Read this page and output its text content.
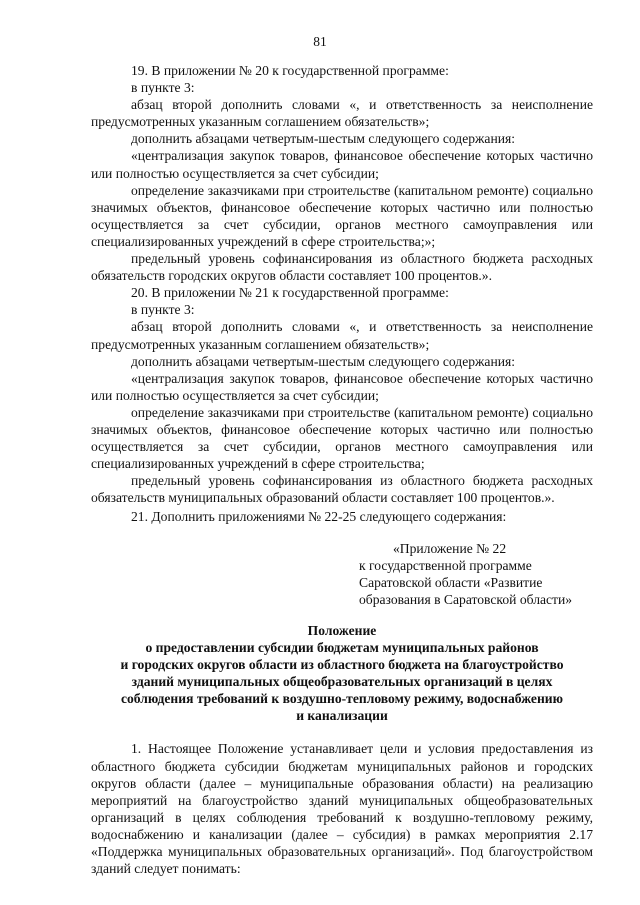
81

19. В приложении № 20 к государственной программе:

в пункте 3:

абзац второй дополнить словами «, и ответственность за неисполнение предусмотренных указанным соглашением обязательств»;

дополнить абзацами четвертым-шестым следующего содержания:

«централизация закупок товаров, финансовое обеспечение которых частично или полностью осуществляется за счет субсидии;

определение заказчиками при строительстве (капитальном ремонте) социально значимых объектов, финансовое обеспечение которых частично или полностью осуществляется за счет субсидии, органов местного самоуправления или специализированных учреждений в сфере строительства;»;

предельный уровень софинансирования из областного бюджета расходных обязательств городских округов области составляет 100 процентов.».

20. В приложении № 21 к государственной программе:

в пункте 3:

абзац второй дополнить словами «, и ответственность за неисполнение предусмотренных указанным соглашением обязательств»;

дополнить абзацами четвертым-шестым следующего содержания:

«централизация закупок товаров, финансовое обеспечение которых частично или полностью осуществляется за счет субсидии;

определение заказчиками при строительстве (капитальном ремонте) социально значимых объектов, финансовое обеспечение которых частично или полностью осуществляется за счет субсидии, органов местного самоуправления или специализированных учреждений в сфере строительства;

предельный уровень софинансирования из областного бюджета расходных обязательств муниципальных образований области составляет 100 процентов.».

21. Дополнить приложениями № 22-25 следующего содержания:

«Приложение № 22
к государственной программе Саратовской области «Развитие образования в Саратовской области»
Положение
о предоставлении субсидии бюджетам муниципальных районов
и городских округов области из областного бюджета на благоустройство
зданий муниципальных общеобразовательных организаций в целях
соблюдения требований к воздушно-тепловому режиму, водоснабжению
и канализации

1. Настоящее Положение устанавливает цели и условия предоставления из областного бюджета субсидии бюджетам муниципальных районов и городских округов области (далее – муниципальные образования области) на реализацию мероприятий на благоустройство зданий муниципальных общеобразовательных организаций в целях соблюдения требований к воздушно-тепловому режиму, водоснабжению и канализации (далее – субсидия) в рамках мероприятия 2.17 «Поддержка муниципальных образовательных организаций». Под благоустройством зданий следует понимать:
